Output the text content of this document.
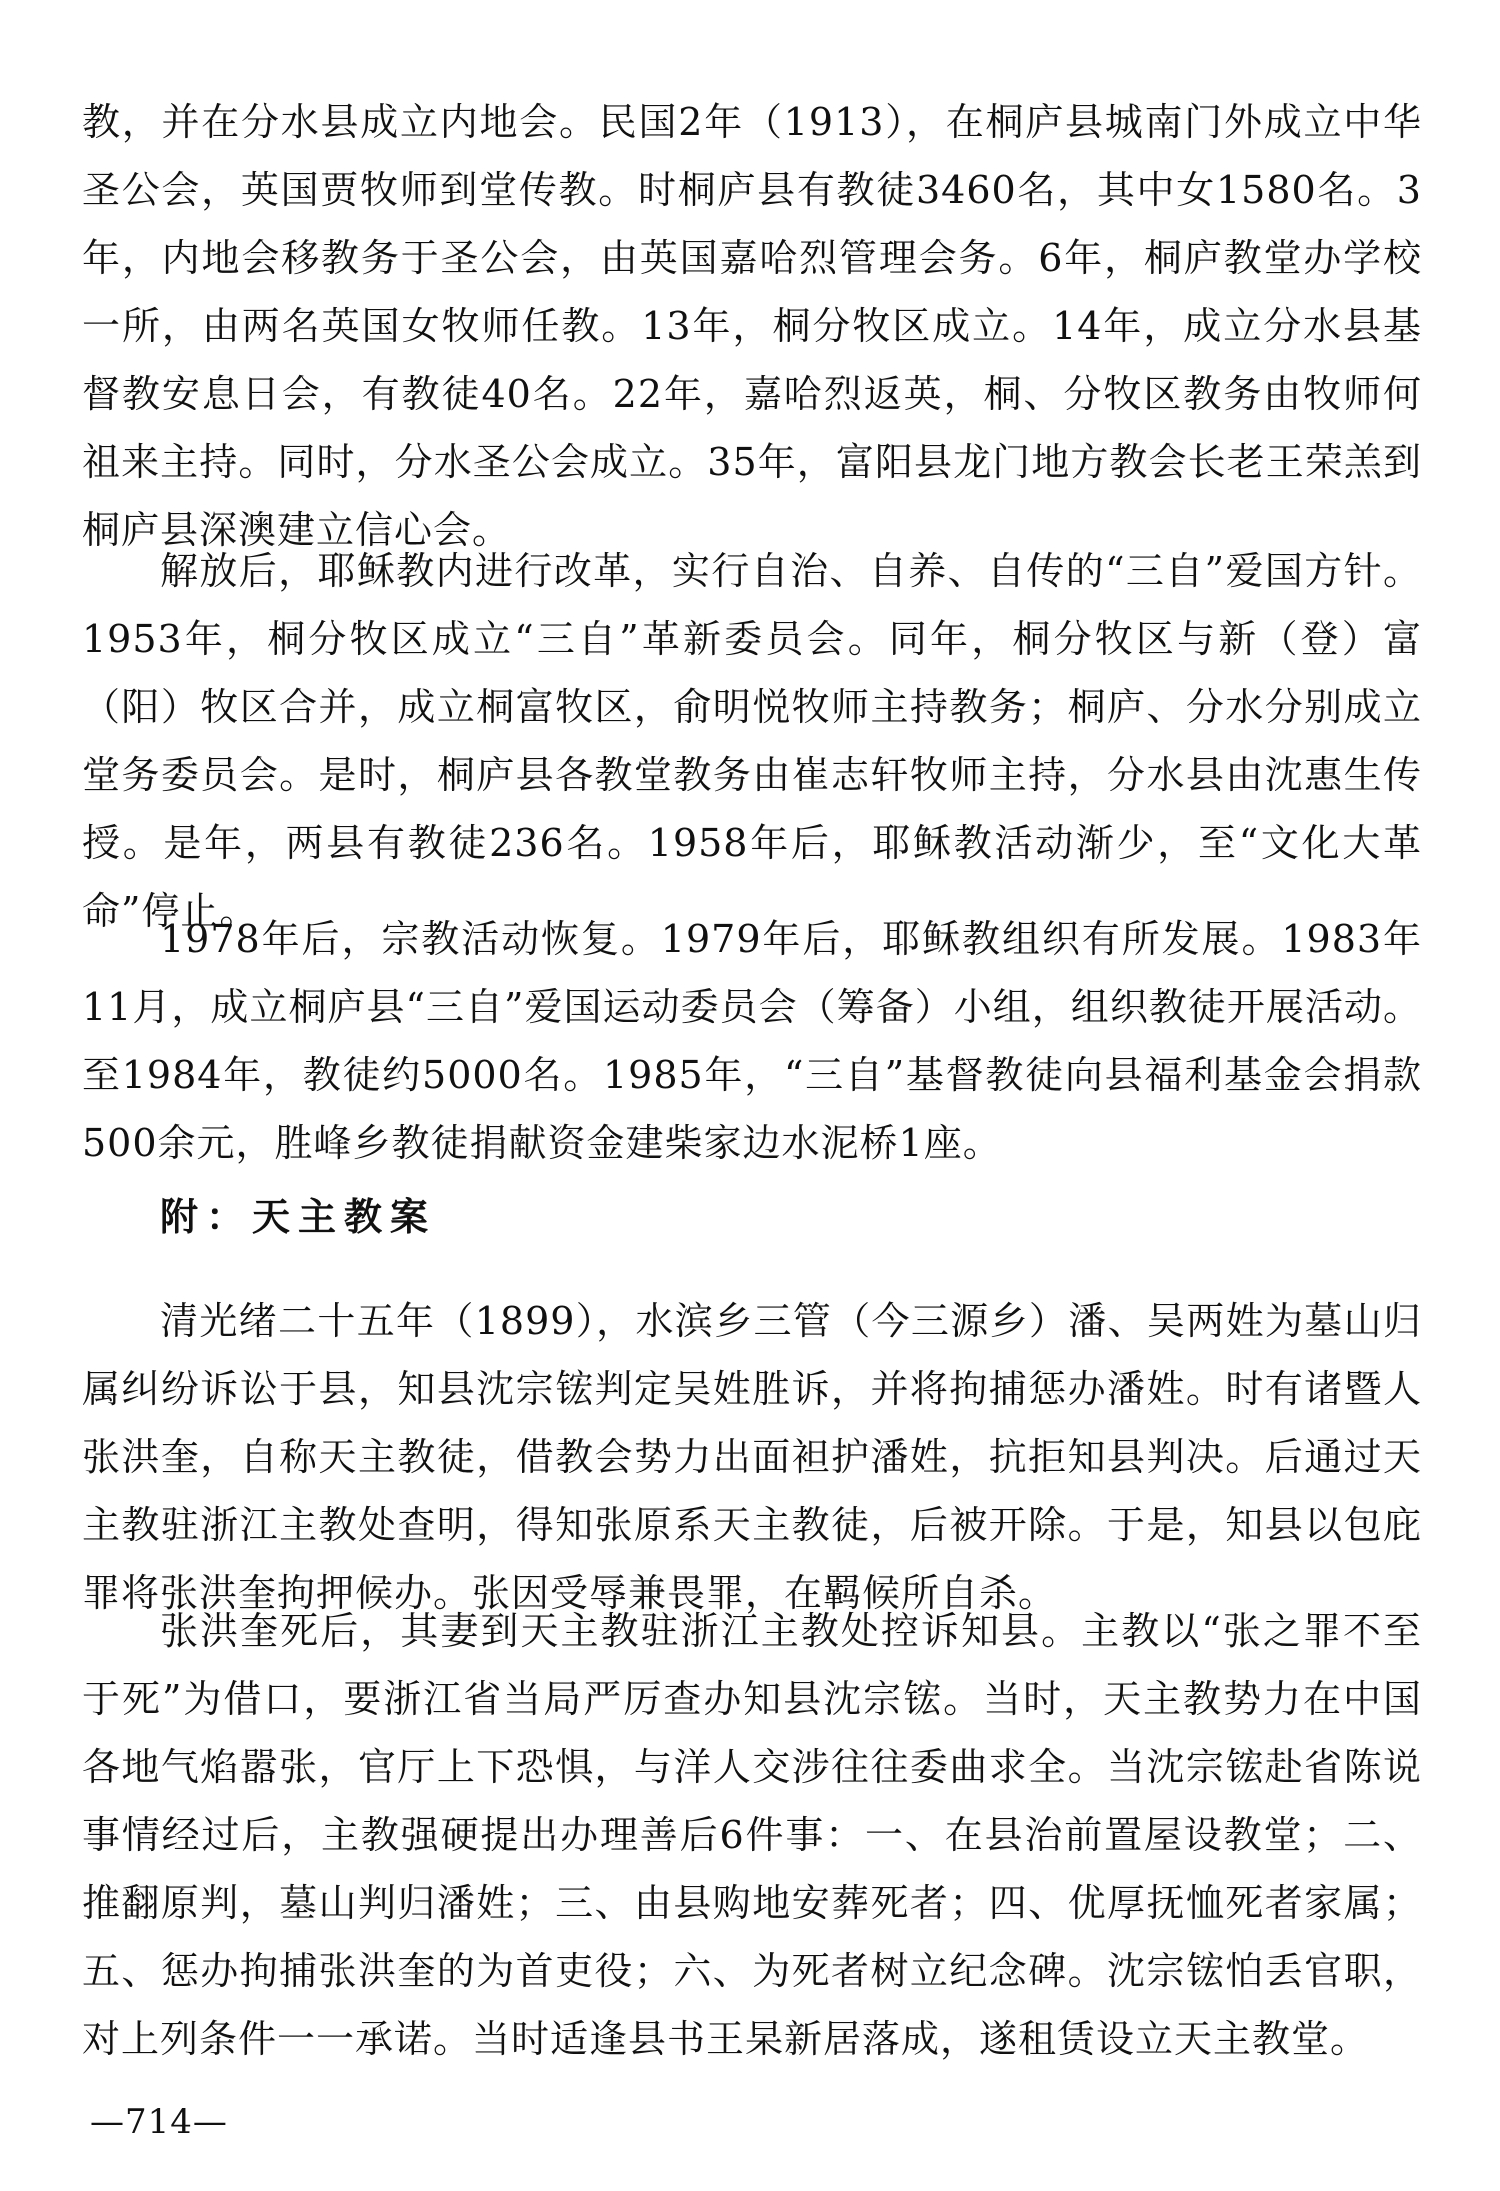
教，并在分水县成立内地会。民国2年（1913），在桐庐县城南门外成立中华圣公会，英国贾牧师到堂传教。时桐庐县有教徒3460名，其中女1580名。3年，内地会移教务于圣公会，由英国嘉哈烈管理会务。6年，桐庐教堂办学校一所，由两名英国女牧师任教。13年，桐分牧区成立。14年，成立分水县基督教安息日会，有教徒40名。22年，嘉哈烈返英，桐、分牧区教务由牧师何祖来主持。同时，分水圣公会成立。35年，富阳县龙门地方教会长老王荣羔到桐庐县深澳建立信心会。

解放后，耶稣教内进行改革，实行自治、自养、自传的“三自”爱国方针。1953年，桐分牧区成立“三自”革新委员会。同年，桐分牧区与新（登）富（阳）牧区合并，成立桐富牧区，俞明悦牧师主持教务；桐庐、分水分别成立堂务委员会。是时，桐庐县各教堂教务由崔志轩牧师主持，分水县由沈惠生传授。是年，两县有教徒236名。1958年后，耶稣教活动渐少，至“文化大革命”停止。

1978年后，宗教活动恢复。1979年后，耶稣教组织有所发展。1983年11月，成立桐庐县“三自”爱国运动委员会（筹备）小组，组织教徒开展活动。至1984年，教徒约5000名。1985年，“三自”基督教徒向县福利基金会捐款500余元，胜峰乡教徒捐献资金建柴家边水泥桥1座。

附：天主教案

清光绪二十五年（1899），水滨乡三管（今三源乡）潘、吴两姓为墓山归属纠纷诉讼于县，知县沈宗𬭎判定吴姓胜诉，并将拘捕惩办潘姓。时有诸暨人张洪奎，自称天主教徒，借教会势力出面袒护潘姓，抗拒知县判决。后通过天主教驻浙江主教处查明，得知张原系天主教徒，后被开除。于是，知县以包庇罪将张洪奎拘押候办。张因受辱兼畏罪，在羁候所自杀。

张洪奎死后，其妻到天主教驻浙江主教处控诉知县。主教以“张之罪不至于死”为借口，要浙江省当局严厉查办知县沈宗𬭎。当时，天主教势力在中国各地气焰嚣张，官厅上下恐惧，与洋人交涉往往委曲求全。当沈宗𬭎赴省陈说事情经过后，主教强硬提出办理善后6件事：一、在县治前置屋设教堂；二、推翻原判，墓山判归潘姓；三、由县购地安葬死者；四、优厚抚恤死者家属；五、惩办拘捕张洪奎的为首吏役；六、为死者树立纪念碑。沈宗𬭎怕丢官职，对上列条件一一承诺。当时适逢县书王杲新居落成，遂租赁设立天主教堂。

—714—
